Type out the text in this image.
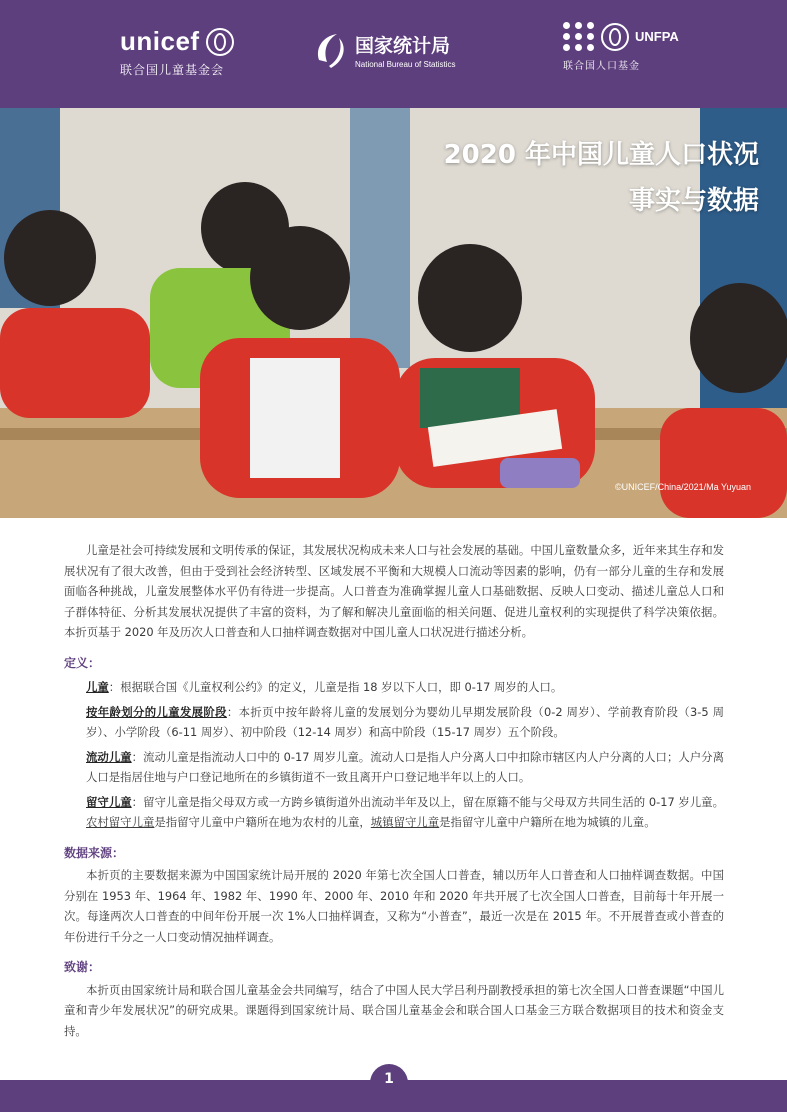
unicef
联合国儿童基金会
国家统计局
National Bureau of Statistics
UNFPA
联合国人口基金
2020 年中国儿童人口状况
事实与数据
©UNICEF/China/2021/Ma Yuyuan

儿童是社会可持续发展和文明传承的保证，其发展状况构成未来人口与社会发展的基础。中国儿童数量众多，近年来其生存和发展状况有了很大改善，但由于受到社会经济转型、区域发展不平衡和大规模人口流动等因素的影响，仍有一部分儿童的生存和发展面临各种挑战，儿童发展整体水平仍有待进一步提高。人口普查为准确掌握儿童人口基础数据、反映人口变动、描述儿童总人口和子群体特征、分析其发展状况提供了丰富的资料，为了解和解决儿童面临的相关问题、促进儿童权利的实现提供了科学决策依据。本折页基于 2020 年及历次人口普查和人口抽样调查数据对中国儿童人口状况进行描述分析。

定义：

儿童：根据联合国《儿童权利公约》的定义，儿童是指 18 岁以下人口，即 0-17 周岁的人口。

按年龄划分的儿童发展阶段：本折页中按年龄将儿童的发展划分为婴幼儿早期发展阶段（0-2 周岁）、学前教育阶段（3-5 周岁）、小学阶段（6-11 周岁）、初中阶段（12-14 周岁）和高中阶段（15-17 周岁）五个阶段。

流动儿童：流动儿童是指流动人口中的 0-17 周岁儿童。流动人口是指人户分离人口中扣除市辖区内人户分离的人口；人户分离人口是指居住地与户口登记地所在的乡镇街道不一致且离开户口登记地半年以上的人口。

留守儿童：留守儿童是指父母双方或一方跨乡镇街道外出流动半年及以上，留在原籍不能与父母双方共同生活的 0-17 岁儿童。农村留守儿童是指留守儿童中户籍所在地为农村的儿童，城镇留守儿童是指留守儿童中户籍所在地为城镇的儿童。

数据来源：

本折页的主要数据来源为中国国家统计局开展的 2020 年第七次全国人口普查，辅以历年人口普查和人口抽样调查数据。中国分别在 1953 年、1964 年、1982 年、1990 年、2000 年、2010 年和 2020 年共开展了七次全国人口普查，目前每十年开展一次。每逢两次人口普查的中间年份开展一次 1%人口抽样调查，又称为“小普查”，最近一次是在 2015 年。不开展普查或小普查的年份进行千分之一人口变动情况抽样调查。

致谢：

本折页由国家统计局和联合国儿童基金会共同编写，结合了中国人民大学吕利丹副教授承担的第七次全国人口普查课题“中国儿童和青少年发展状况”的研究成果。课题得到国家统计局、联合国儿童基金会和联合国人口基金三方联合数据项目的技术和资金支持。

1
